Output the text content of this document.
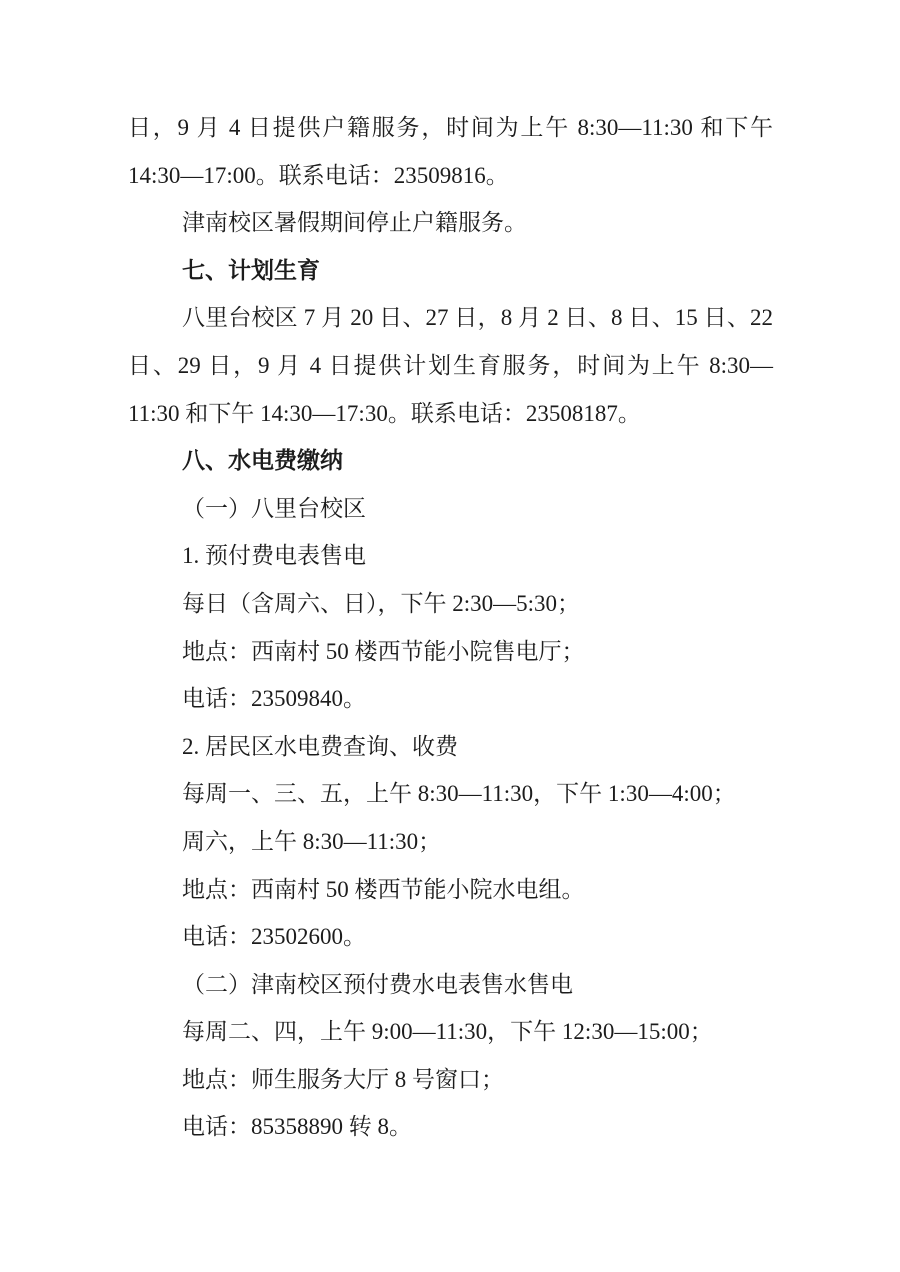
日，9 月 4 日提供户籍服务，时间为上午 8:30—11:30 和下午 14:30—17:00。联系电话：23509816。

津南校区暑假期间停止户籍服务。

七、计划生育

八里台校区 7 月 20 日、27 日，8 月 2 日、8 日、15 日、22 日、29 日，9 月 4 日提供计划生育服务，时间为上午 8:30—11:30 和下午 14:30—17:30。联系电话：23508187。

八、水电费缴纳

（一）八里台校区

1. 预付费电表售电

每日（含周六、日），下午 2:30—5:30；

地点：西南村 50 楼西节能小院售电厅；

电话：23509840。

2. 居民区水电费查询、收费

每周一、三、五，上午 8:30—11:30，下午 1:30—4:00；

周六，上午 8:30—11:30；

地点：西南村 50 楼西节能小院水电组。

电话：23502600。

（二）津南校区预付费水电表售水售电

每周二、四，上午 9:00—11:30，下午 12:30—15:00；

地点：师生服务大厅 8 号窗口；

电话：85358890 转 8。
